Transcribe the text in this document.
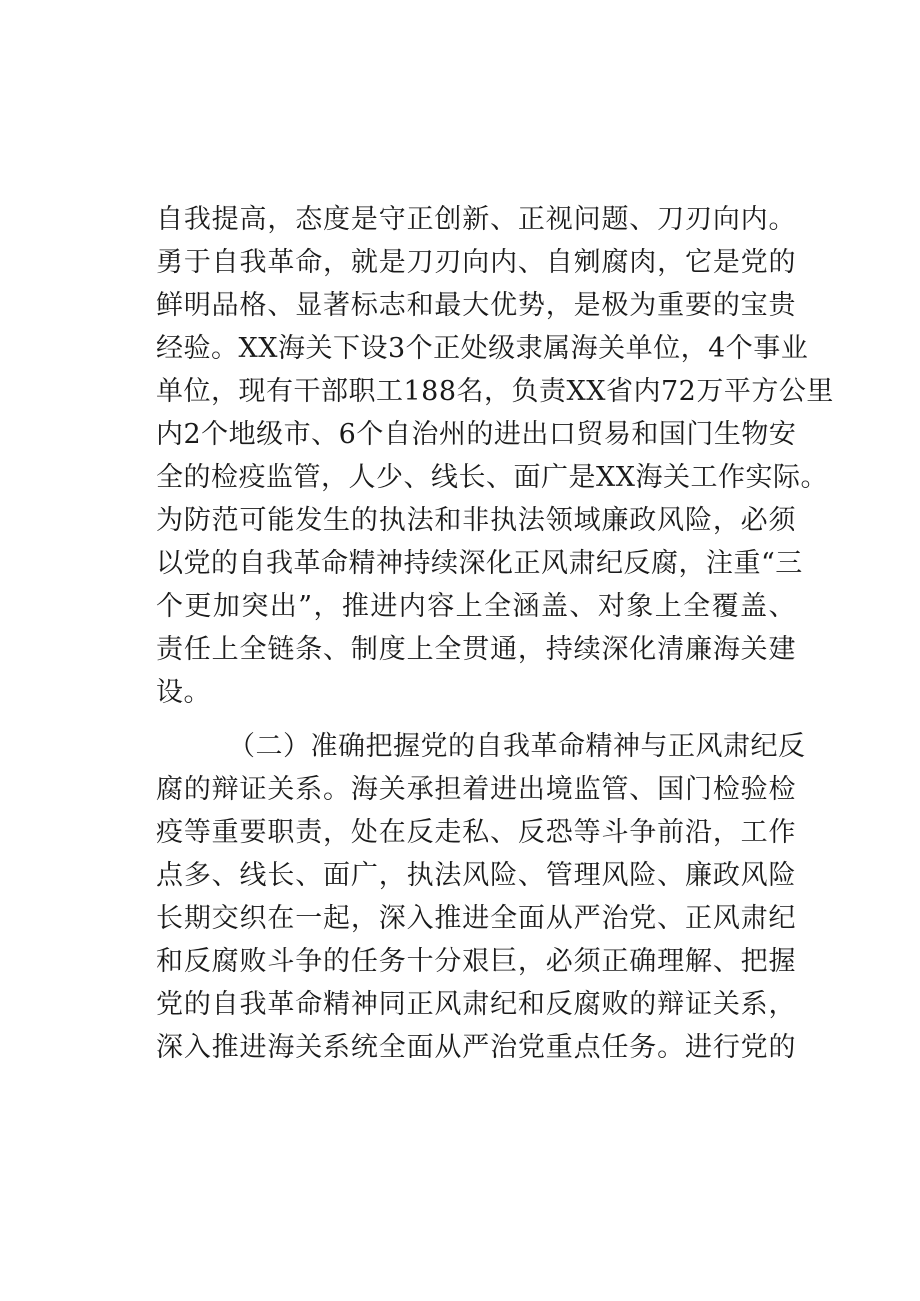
自我提高，态度是守正创新、正视问题、刀刃向内。
勇于自我革命，就是刀刃向内、自剜腐肉，它是党的
鲜明品格、显著标志和最大优势，是极为重要的宝贵
经验。XX海关下设3个正处级隶属海关单位，4个事业
单位，现有干部职工188名，负责XX省内72万平方公里
内2个地级市、6个自治州的进出口贸易和国门生物安
全的检疫监管，人少、线长、面广是XX海关工作实际。
为防范可能发生的执法和非执法领域廉政风险，必须
以党的自我革命精神持续深化正风肃纪反腐，注重“三
个更加突出”，推进内容上全涵盖、对象上全覆盖、
责任上全链条、制度上全贯通，持续深化清廉海关建
设。
（二）准确把握党的自我革命精神与正风肃纪反
腐的辩证关系。海关承担着进出境监管、国门检验检
疫等重要职责，处在反走私、反恐等斗争前沿，工作
点多、线长、面广，执法风险、管理风险、廉政风险
长期交织在一起，深入推进全面从严治党、正风肃纪
和反腐败斗争的任务十分艰巨，必须正确理解、把握
党的自我革命精神同正风肃纪和反腐败的辩证关系，
深入推进海关系统全面从严治党重点任务。进行党的
